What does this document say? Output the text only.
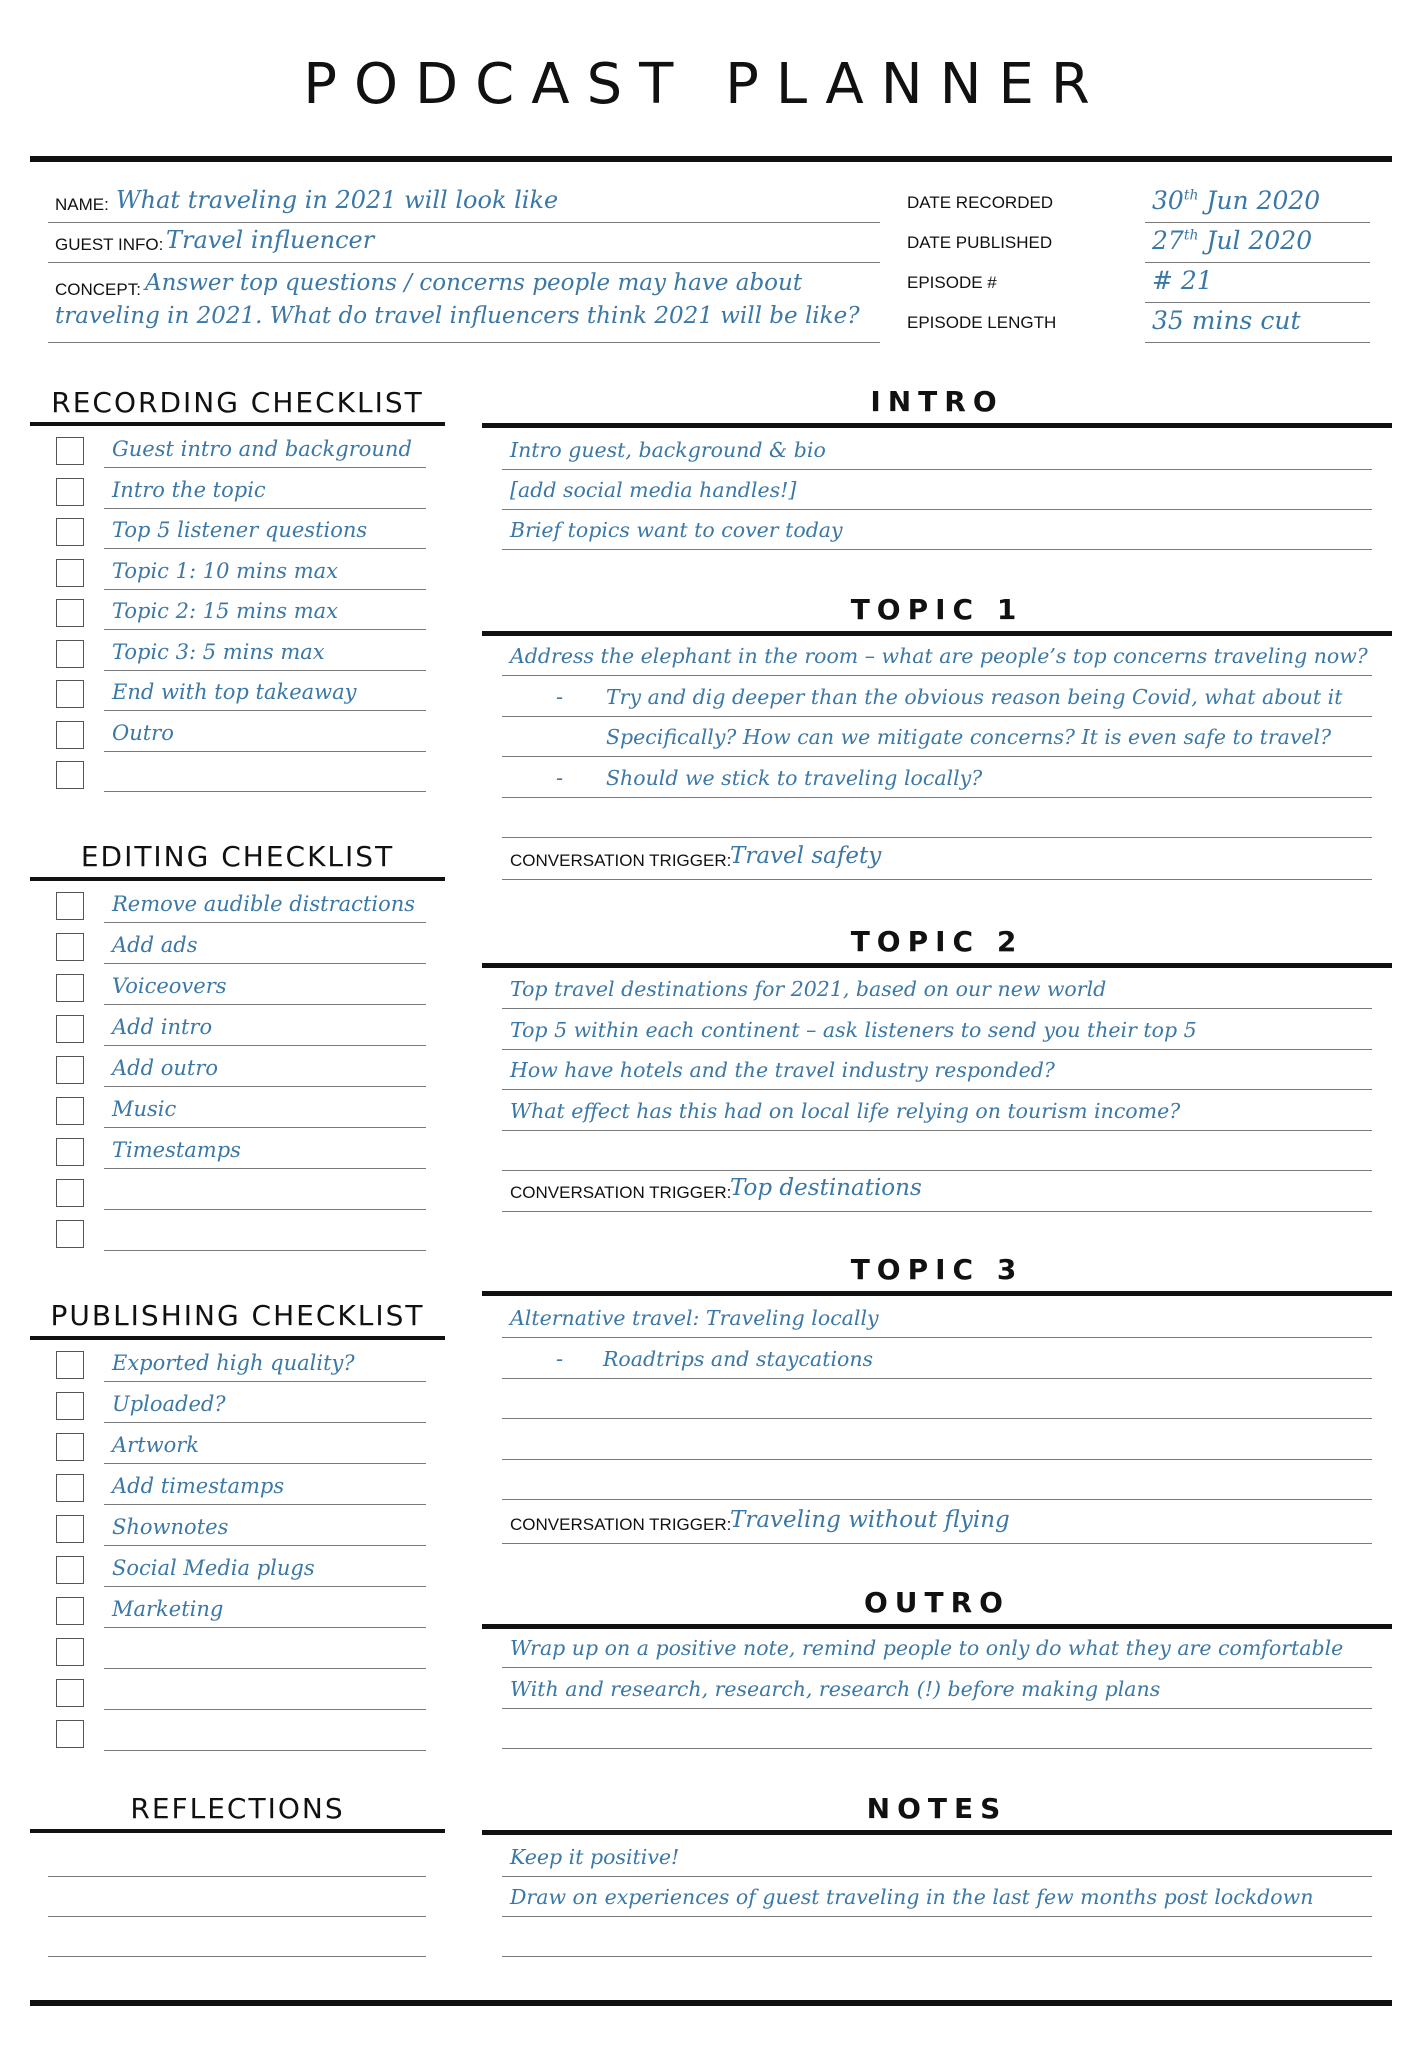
PODCAST PLANNER
NAME: What traveling in 2021 will look like
GUEST INFO: Travel influencer
CONCEPT: Answer top questions / concerns people may have about
traveling in 2021. What do travel influencers think 2021 will be like?
DATE RECORDED	30th Jun 2020
DATE PUBLISHED	27th Jul 2020
EPISODE #	# 21
EPISODE LENGTH	35 mins cut
RECORDING CHECKLIST
Guest intro and background
Intro the topic
Top 5 listener questions
Topic 1: 10 mins max
Topic 2: 15 mins max
Topic 3: 5 mins max
End with top takeaway
Outro
EDITING CHECKLIST
Remove audible distractions
Add ads
Voiceovers
Add intro
Add outro
Music
Timestamps
PUBLISHING CHECKLIST
Exported high quality?
Uploaded?
Artwork
Add timestamps
Shownotes
Social Media plugs
Marketing
REFLECTIONS
INTRO
Intro guest, background & bio
[add social media handles!]
Brief topics want to cover today
TOPIC 1
Address the elephant in the room – what are people’s top concerns traveling now?
- Try and dig deeper than the obvious reason being Covid, what about it
Specifically? How can we mitigate concerns? It is even safe to travel?
- Should we stick to traveling locally?
CONVERSATION TRIGGER:
Travel safety
TOPIC 2
Top travel destinations for 2021, based on our new world
Top 5 within each continent – ask listeners to send you their top 5
How have hotels and the travel industry responded?
What effect has this had on local life relying on tourism income?
CONVERSATION TRIGGER:
Top destinations
TOPIC 3
Alternative travel: Traveling locally
- Roadtrips and staycations
CONVERSATION TRIGGER:
Traveling without flying
OUTRO
Wrap up on a positive note, remind people to only do what they are comfortable
With and research, research, research (!) before making plans
NOTES
Keep it positive!
Draw on experiences of guest traveling in the last few months post lockdown
